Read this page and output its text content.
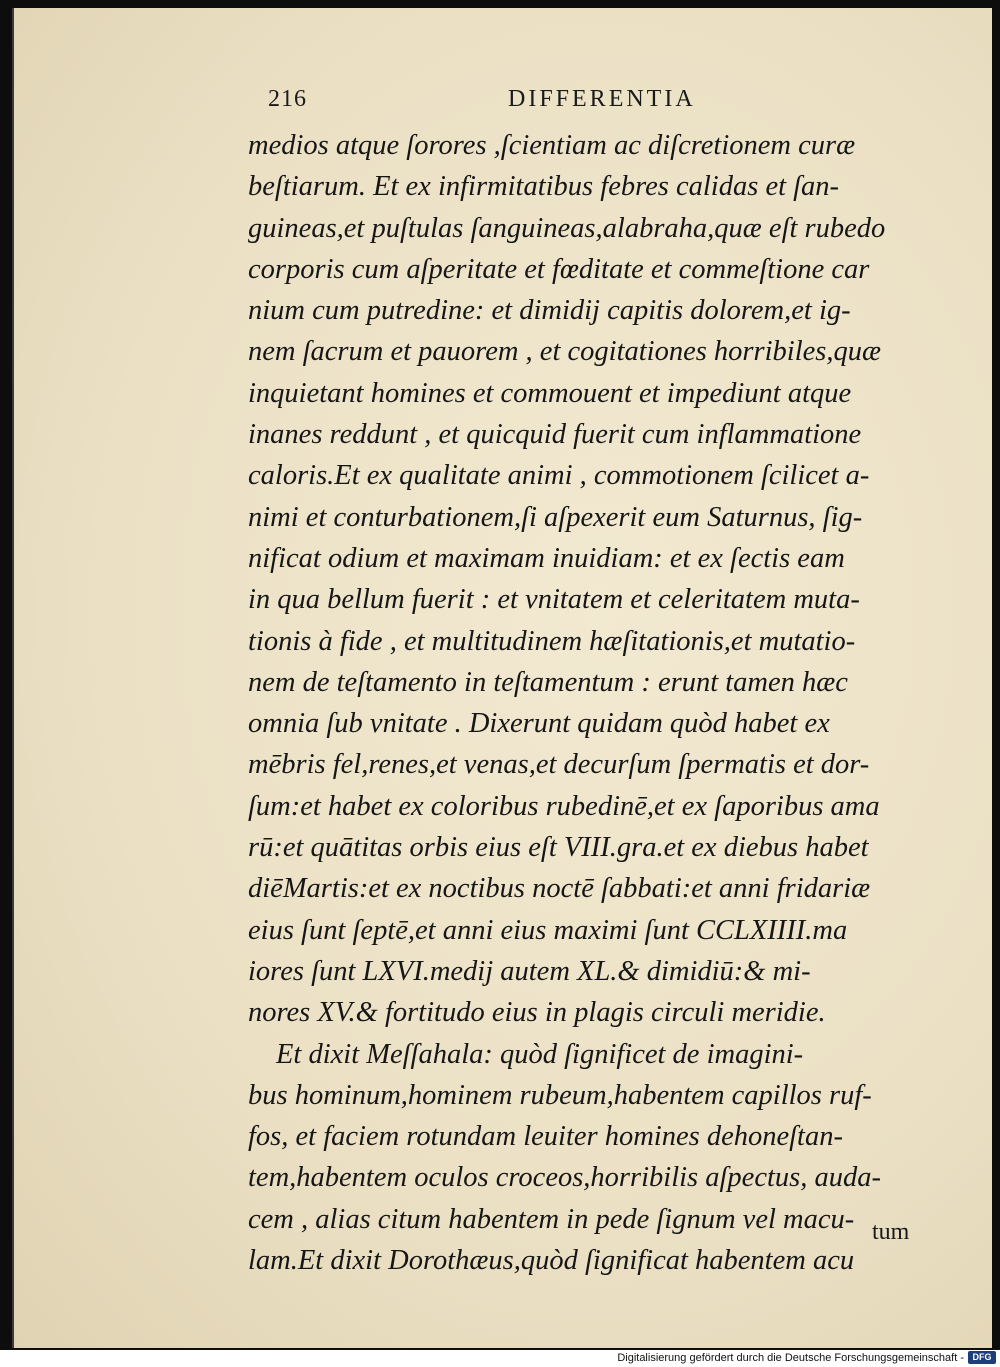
216	DIFFERENTIA
medios atque ſorores ,ſcientiam ac diſcretionem curæ
beſtiarum. Et ex infirmitatibus febres calidas et ſan-
guineas,et puſtulas ſanguineas,alabraha,quæ eſt rubedo
corporis cum aſperitate et fœditate et commeſtione car
nium cum putredine: et dimidij capitis dolorem,et ig-
nem ſacrum et pauorem , et cogitationes horribiles,quæ
inquietant homines et commouent et impediunt atque
inanes reddunt , et quicquid fuerit cum inflammatione
caloris.Et ex qualitate animi , commotionem ſcilicet a-
nimi et conturbationem,ſi aſpexerit eum Saturnus, ſig-
nificat odium et maximam inuidiam: et ex ſectis eam
in qua bellum fuerit : et vnitatem et celeritatem muta-
tionis à fide , et multitudinem hæſitationis,et mutatio-
nem de teſtamento in teſtamentum : erunt tamen hæc
omnia ſub vnitate . Dixerunt quidam quòd habet ex
mēbris fel,renes,et venas,et decurſum ſpermatis et dor-
ſum:et habet ex coloribus rubedinē,et ex ſaporibus ama
rū:et quātitas orbis eius eſt VIII.gra.et ex diebus habet
diēMartis:et ex noctibus noctē ſabbati:et anni fridariæ
eius ſunt ſeptē,et anni eius maximi ſunt CCLXIIII.ma
iores ſunt LXVI.medij autem XL.& dimidiū:& mi-
nores XV.& fortitudo eius in plagis circuli meridie.
Et dixit Meſſahala: quòd ſignificet de imagini-
bus hominum,hominem rubeum,habentem capillos ruf-
fos, et faciem rotundam leuiter homines dehoneſtan-
tem,habentem oculos croceos,horribilis aſpectus, auda-
cem , alias citum habentem in pede ſignum vel macu-
lam.Et dixit Dorothæus,quòd ſignificat habentem acu
tum
Digitalisierung gefördert durch die Deutsche Forschungsgemeinschaft - DFG
